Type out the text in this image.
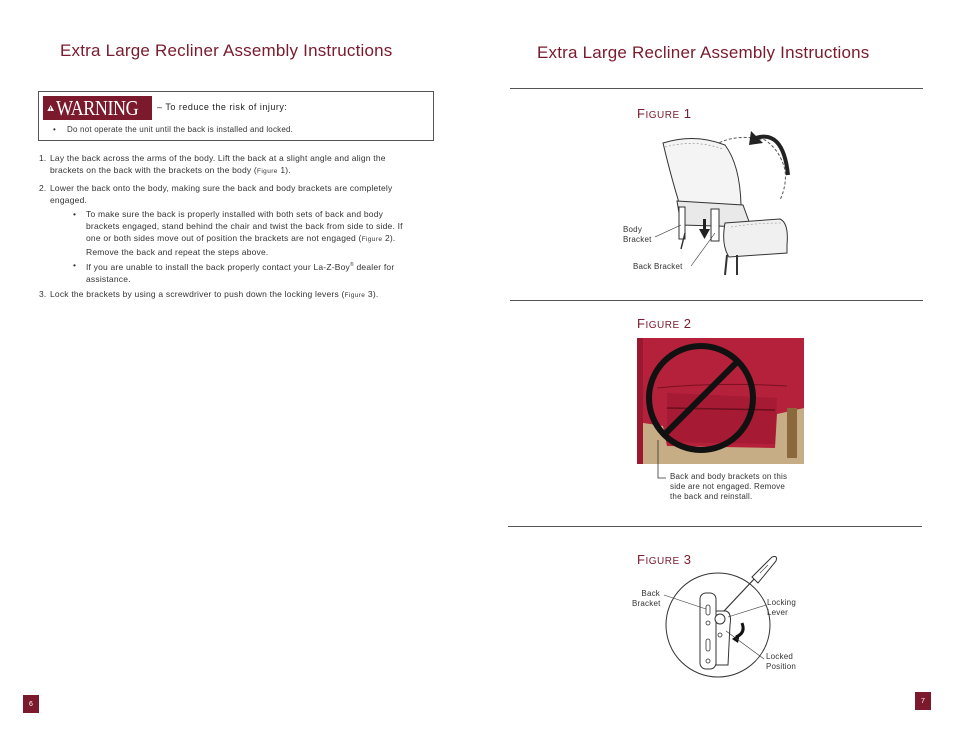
Extra Large Recliner Assembly Instructions
WARNING – To reduce the risk of injury:
• Do not operate the unit until the back is installed and locked.
1. Lay the back across the arms of the body. Lift the back at a slight angle and align the brackets on the back with the brackets on the body (Figure 1).
2. Lower the back onto the body, making sure the back and body brackets are completely engaged.
• To make sure the back is properly installed with both sets of back and body brackets engaged, stand behind the chair and twist the back from side to side. If one or both sides move out of position the brackets are not engaged (Figure 2). Remove the back and repeat the steps above.
• If you are unable to install the back properly contact your La-Z-Boy® dealer for assistance.
3. Lock the brackets by using a screwdriver to push down the locking levers (Figure 3).
6
Extra Large Recliner Assembly Instructions
FIGURE 1
Body
Bracket
Back Bracket
FIGURE 2
Back and body brackets on this
side are not engaged. Remove
the back and reinstall.
FIGURE 3
Back
Bracket	Locking
Lever
Locked
Position
7
